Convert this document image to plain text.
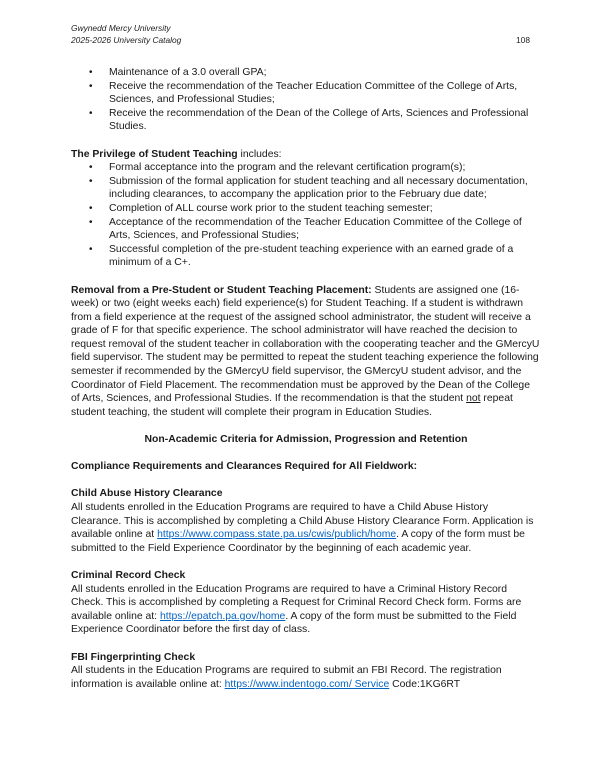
Gwynedd Mercy University
2025-2026 University Catalog	108
• Maintenance of a 3.0 overall GPA;
• Receive the recommendation of the Teacher Education Committee of the College of Arts, Sciences, and Professional Studies;
• Receive the recommendation of the Dean of the College of Arts, Sciences and Professional Studies.

The Privilege of Student Teaching includes:

• Formal acceptance into the program and the relevant certification program(s);
• Submission of the formal application for student teaching and all necessary documentation, including clearances, to accompany the application prior to the February due date;
• Completion of ALL course work prior to the student teaching semester;
• Acceptance of the recommendation of the Teacher Education Committee of the College of Arts, Sciences, and Professional Studies;
• Successful completion of the pre-student teaching experience with an earned grade of a minimum of a C+.

Removal from a Pre-Student or Student Teaching Placement: Students are assigned one (16-week) or two (eight weeks each) field experience(s) for Student Teaching. If a student is withdrawn from a field experience at the request of the assigned school administrator, the student will receive a grade of F for that specific experience. The school administrator will have reached the decision to request removal of the student teacher in collaboration with the cooperating teacher and the GMercyU field supervisor. The student may be permitted to repeat the student teaching experience the following semester if recommended by the GMercyU field supervisor, the GMercyU student advisor, and the Coordinator of Field Placement. The recommendation must be approved by the Dean of the College of Arts, Sciences, and Professional Studies. If the recommendation is that the student not repeat student teaching, the student will complete their program in Education Studies.

Non-Academic Criteria for Admission, Progression and Retention

Compliance Requirements and Clearances Required for All Fieldwork:

Child Abuse History Clearance

All students enrolled in the Education Programs are required to have a Child Abuse History Clearance. This is accomplished by completing a Child Abuse History Clearance Form. Application is available online at https://www.compass.state.pa.us/cwis/publich/home. A copy of the form must be submitted to the Field Experience Coordinator by the beginning of each academic year.

Criminal Record Check

All students enrolled in the Education Programs are required to have a Criminal History Record Check. This is accomplished by completing a Request for Criminal Record Check form. Forms are available online at: https://epatch.pa.gov/home. A copy of the form must be submitted to the Field Experience Coordinator before the first day of class.

FBI Fingerprinting Check

All students in the Education Programs are required to submit an FBI Record. The registration information is available online at: https://www.indentogo.com/ Service Code:1KG6RT
